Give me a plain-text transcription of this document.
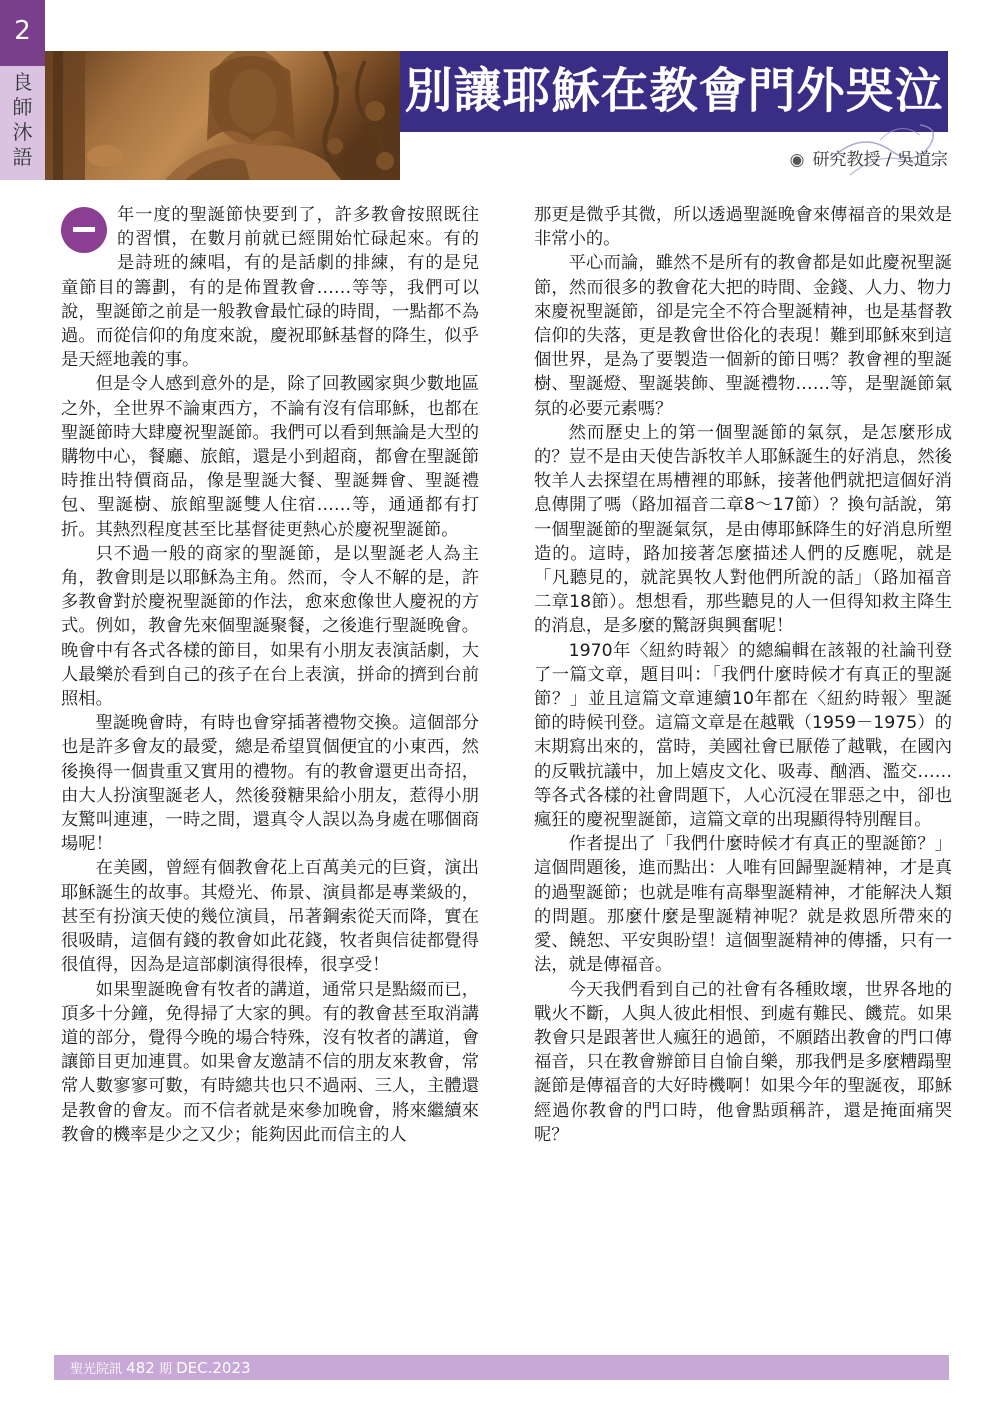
2
良
師
沐
語
別讓耶穌在教會門外哭泣
◉ 研究教授 / 吳道宗

年一度的聖誕節快要到了，許多教會按照既往的習慣，在數月前就已經開始忙碌起來。有的是詩班的練唱，有的是話劇的排練，有的是兒童節目的籌劃，有的是佈置教會……等等，我們可以說，聖誕節之前是一般教會最忙碌的時間，一點都不為過。而從信仰的角度來說，慶祝耶穌基督的降生，似乎是天經地義的事。

但是令人感到意外的是，除了回教國家與少數地區之外，全世界不論東西方，不論有沒有信耶穌，也都在聖誕節時大肆慶祝聖誕節。我們可以看到無論是大型的購物中心，餐廳、旅館，還是小到超商，都會在聖誕節時推出特價商品，像是聖誕大餐、聖誕舞會、聖誕禮包、聖誕樹、旅館聖誕雙人住宿……等，通通都有打折。其熱烈程度甚至比基督徒更熱心於慶祝聖誕節。

只不過一般的商家的聖誕節，是以聖誕老人為主角，教會則是以耶穌為主角。然而，令人不解的是，許多教會對於慶祝聖誕節的作法，愈來愈像世人慶祝的方式。例如，教會先來個聖誕聚餐，之後進行聖誕晚會。晚會中有各式各樣的節目，如果有小朋友表演話劇，大人最樂於看到自己的孩子在台上表演，拼命的擠到台前照相。

聖誕晚會時，有時也會穿插著禮物交換。這個部分也是許多會友的最愛，總是希望買個便宜的小東西，然後換得一個貴重又實用的禮物。有的教會還更出奇招，由大人扮演聖誕老人，然後發糖果給小朋友，惹得小朋友驚叫連連，一時之間，還真令人誤以為身處在哪個商場呢！

在美國，曾經有個教會花上百萬美元的巨資，演出耶穌誕生的故事。其燈光、佈景、演員都是專業級的，甚至有扮演天使的幾位演員，吊著鋼索從天而降，實在很吸睛，這個有錢的教會如此花錢，牧者與信徒都覺得很值得，因為是這部劇演得很棒，很享受！

如果聖誕晚會有牧者的講道，通常只是點綴而已，頂多十分鐘，免得掃了大家的興。有的教會甚至取消講道的部分，覺得今晚的場合特殊，沒有牧者的講道，會讓節目更加連貫。如果會友邀請不信的朋友來教會，常常人數寥寥可數，有時總共也只不過兩、三人，主體還是教會的會友。而不信者就是來參加晚會，將來繼續來教會的機率是少之又少；能夠因此而信主的人

那更是微乎其微，所以透過聖誕晚會來傳福音的果效是非常小的。

平心而論，雖然不是所有的教會都是如此慶祝聖誕節，然而很多的教會花大把的時間、金錢、人力、物力來慶祝聖誕節，卻是完全不符合聖誕精神，也是基督教信仰的失落，更是教會世俗化的表現！難到耶穌來到這個世界，是為了要製造一個新的節日嗎？教會裡的聖誕樹、聖誕燈、聖誕裝飾、聖誕禮物……等，是聖誕節氣氛的必要元素嗎？

然而歷史上的第一個聖誕節的氣氛，是怎麼形成的？豈不是由天使告訴牧羊人耶穌誕生的好消息，然後牧羊人去探望在馬槽裡的耶穌，接著他們就把這個好消息傳開了嗎（路加福音二章8～17節）？換句話說，第一個聖誕節的聖誕氣氛，是由傳耶穌降生的好消息所塑造的。這時，路加接著怎麼描述人們的反應呢，就是「凡聽見的，就詫異牧人對他們所說的話」（路加福音二章18節）。想想看，那些聽見的人一但得知救主降生的消息，是多麼的驚訝與興奮呢！

1970年〈紐約時報〉的總編輯在該報的社論刊登了一篇文章，題目叫：「我們什麼時候才有真正的聖誕節？」並且這篇文章連續10年都在〈紐約時報〉聖誕節的時候刊登。這篇文章是在越戰（1959－1975）的末期寫出來的，當時，美國社會已厭倦了越戰，在國內的反戰抗議中，加上嬉皮文化、吸毒、酗酒、濫交……等各式各樣的社會問題下，人心沉浸在罪惡之中，卻也瘋狂的慶祝聖誕節，這篇文章的出現顯得特別醒目。

作者提出了「我們什麼時候才有真正的聖誕節？」這個問題後，進而點出：人唯有回歸聖誕精神，才是真的過聖誕節；也就是唯有高舉聖誕精神，才能解決人類的問題。那麼什麼是聖誕精神呢？就是救恩所帶來的愛、饒恕、平安與盼望！這個聖誕精神的傳播，只有一法，就是傳福音。

今天我們看到自己的社會有各種敗壞，世界各地的戰火不斷，人與人彼此相恨、到處有難民、饑荒。如果教會只是跟著世人瘋狂的過節，不願踏出教會的門口傳福音，只在教會辦節目自愉自樂，那我們是多麼糟蹋聖誕節是傳福音的大好時機啊！如果今年的聖誕夜，耶穌經過你教會的門口時，他會點頭稱許，還是掩面痛哭呢？

聖光院訊 482 期 DEC.2023
